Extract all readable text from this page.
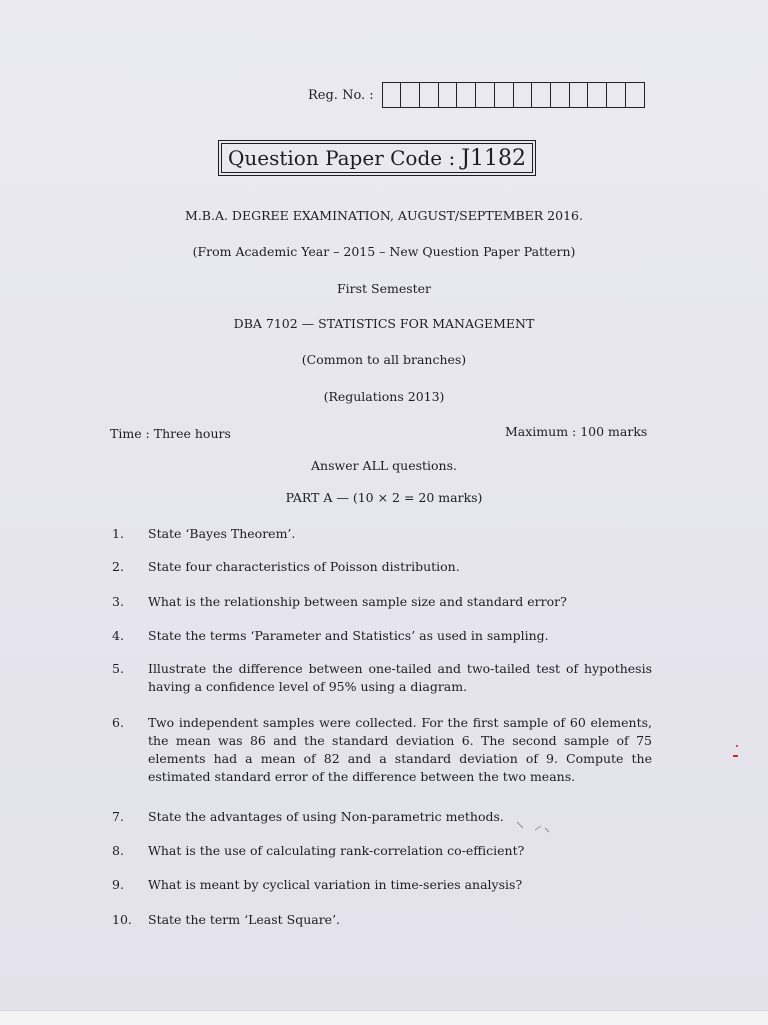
Reg. No. :
Question Paper Code : J1182
M.B.A. DEGREE EXAMINATION, AUGUST/SEPTEMBER 2016.
(From Academic Year – 2015 – New Question Paper Pattern)
First Semester
DBA 7102 — STATISTICS FOR MANAGEMENT
(Common to all branches)
(Regulations 2013)
Time : Three hours	Maximum : 100 marks
Answer ALL questions.
PART A — (10 × 2 = 20 marks)
1.	State ‘Bayes Theorem’.
2.	State four characteristics of Poisson distribution.
3.	What is the relationship between sample size and standard error?
4.	State the terms ‘Parameter and Statistics’ as used in sampling.
5.	Illustrate the difference between one-tailed and two-tailed test of hypothesis having a confidence level of 95% using a diagram.
6.	Two independent samples were collected. For the first sample of 60 elements, the mean was 86 and the standard deviation 6. The second sample of 75 elements had a mean of 82 and a standard deviation of 9. Compute the estimated standard error of the difference between the two means.
7.	State the advantages of using Non-parametric methods.
8.	What is the use of calculating rank-correlation co-efficient?
9.	What is meant by cyclical variation in time-series analysis?
10.	State the term ‘Least Square’.
